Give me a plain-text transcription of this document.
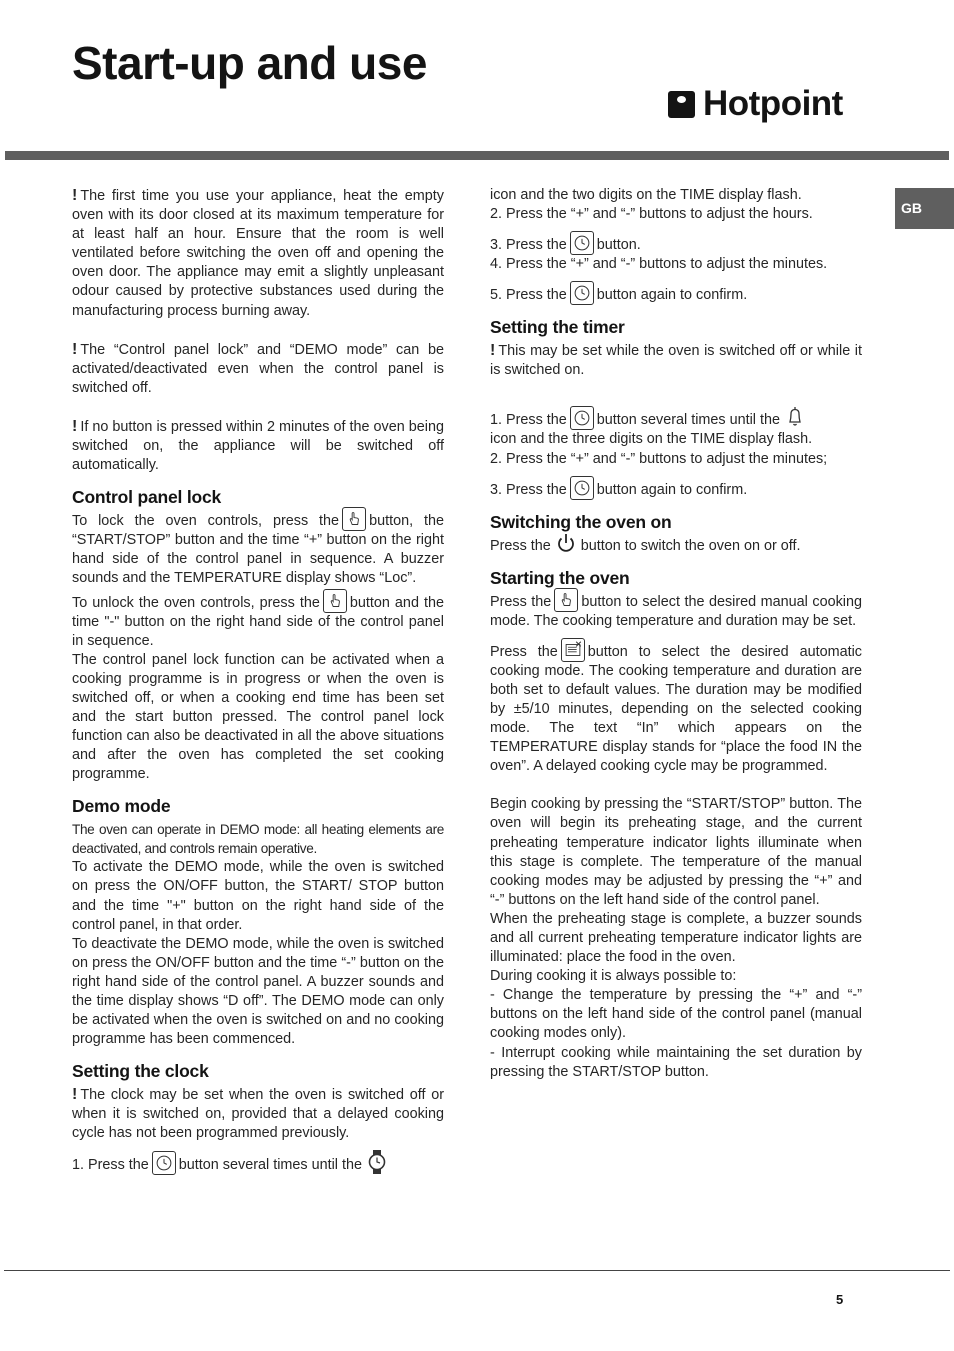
Start-up and use
Hotpoint
GB

! The first time you use your appliance, heat the empty oven with its door closed at its maximum temperature for at least half an hour. Ensure that the room is well ventilated before switching the oven off and opening the oven door. The appliance may emit a slightly unpleasant odour caused by protective substances used during the manufacturing process burning away.

! The “Control panel lock” and “DEMO mode” can be activated/deactivated even when the control panel is switched off.

! If no button is pressed within 2 minutes of the oven being switched on, the appliance will be switched off automatically.

Control panel lock

To lock the oven controls, press the button, the “START/STOP” button and the time “+” button on the right hand side of the control panel in sequence. A buzzer sounds and the TEMPERATURE display shows “Loc”.

To unlock the oven controls, press the button and the time "-" button on the right hand side of the control panel in sequence.

The control panel lock function can be activated when a cooking programme is in progress or when the oven is switched off, or when a cooking end time has been set and the start button pressed. The control panel lock function can also be deactivated in all the above situations and after the oven has completed the set cooking programme.

Demo mode

The oven can operate in DEMO mode: all heating elements are deactivated, and controls remain operative.

To activate the DEMO mode, while the oven is switched on press the ON/OFF button, the START/ STOP button and the time "+" button on the right hand side of the control panel, in that order.

To deactivate the DEMO mode, while the oven is switched on press the ON/OFF button and the time “-” button on the right hand side of the control panel. A buzzer sounds and the time display shows “D off”. The DEMO mode can only be activated when the oven is switched on and no cooking programme has been commenced.

Setting the clock

! The clock may be set when the oven is switched off or when it is switched on, provided that a delayed cooking cycle has not been programmed previously.

1. Press the button several times until the

icon and the two digits on the TIME display flash.

2. Press the “+” and “-” buttons to adjust the hours.

3. Press the button.

4. Press the “+” and “-” buttons to adjust the minutes.

5. Press the button again to confirm.

Setting the timer

! This may be set while the oven is switched off or while it is switched on.

1. Press the button several times until the

icon and the three digits on the TIME display flash.

2. Press the “+” and “-” buttons to adjust the minutes;

3. Press the button again to confirm.

Switching the oven on

Press the button to switch the oven on or off.

Starting the oven

Press the button to select the desired manual cooking mode. The cooking temperature and duration may be set.

Press the button to select the desired automatic cooking mode. The cooking temperature and duration are both set to default values. The duration may be modified by ±5/10 minutes, depending on the selected cooking mode. The text “In” which appears on the TEMPERATURE display stands for “place the food IN the oven”. A delayed cooking cycle may be programmed.

Begin cooking by pressing the “START/STOP” button. The oven will begin its preheating stage, and the current preheating temperature indicator lights illuminate when this stage is complete. The temperature of the manual cooking modes may be adjusted by pressing the “+” and “-” buttons on the left hand side of the control panel.

When the preheating stage is complete, a buzzer sounds and all current preheating temperature indicator lights are illuminated: place the food in the oven.

During cooking it is always possible to:

- Change the temperature by pressing the “+” and “-” buttons on the left hand side of the control panel (manual cooking modes only).

- Interrupt cooking while maintaining the set duration by pressing the START/STOP button.

5
